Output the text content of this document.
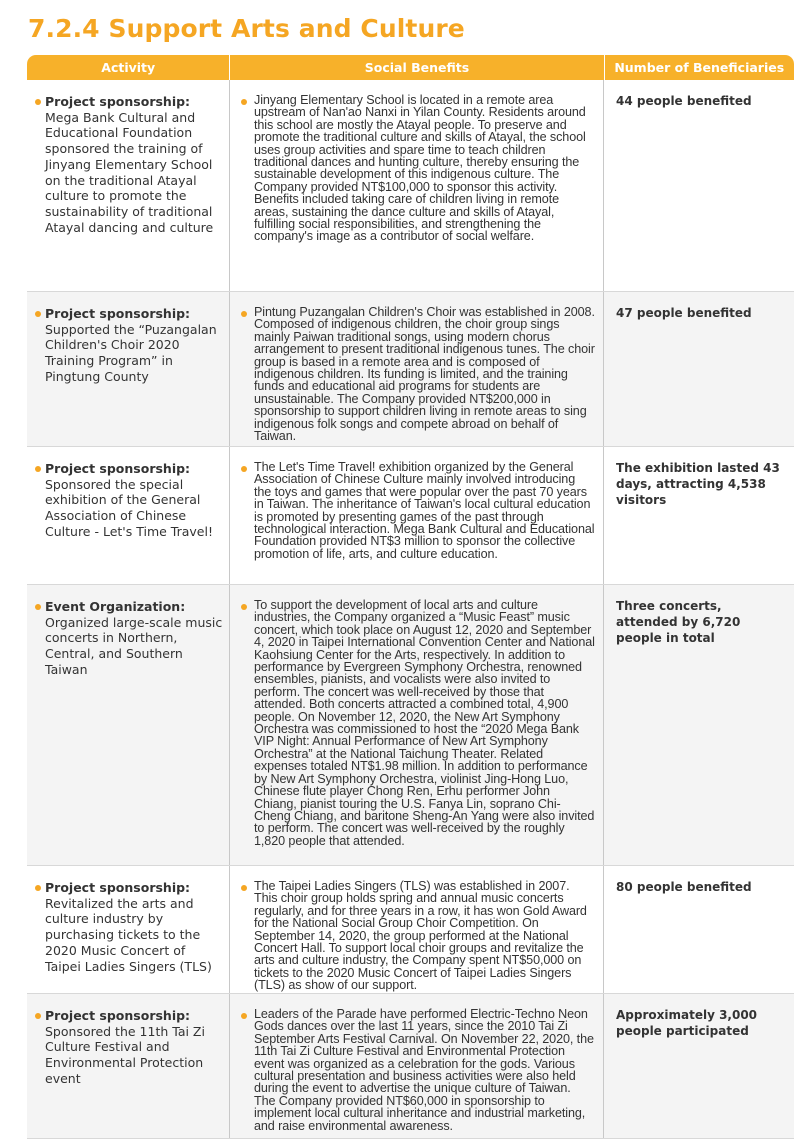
7.2.4 Support Arts and Culture
Activity	Social Benefits	Number of Beneficiaries
Project sponsorship:
Mega Bank Cultural and Educational Foundation sponsored the training of Jinyang Elementary School on the traditional Atayal culture to promote the sustainability of traditional Atayal dancing and culture
Jinyang Elementary School is located in a remote area upstream of Nan'ao Nanxi in Yilan County. Residents around this school are mostly the Atayal people. To preserve and promote the traditional culture and skills of Atayal, the school uses group activities and spare time to teach children traditional dances and hunting culture, thereby ensuring the sustainable development of this indigenous culture. The Company provided NT$100,000 to sponsor this activity. Benefits included taking care of children living in remote areas, sustaining the dance culture and skills of Atayal, fulfilling social responsibilities, and strengthening the company's image as a contributor of social welfare.
44 people benefited
Project sponsorship:
Supported the “Puzangalan Children's Choir 2020 Training Program” in Pingtung County
Pintung Puzangalan Children's Choir was established in 2008. Composed of indigenous children, the choir group sings mainly Paiwan traditional songs, using modern chorus arrangement to present traditional indigenous tunes. The choir group is based in a remote area and is composed of indigenous children. Its funding is limited, and the training funds and educational aid programs for students are unsustainable. The Company provided NT$200,000 in sponsorship to support children living in remote areas to sing indigenous folk songs and compete abroad on behalf of Taiwan.
47 people benefited
Project sponsorship:
Sponsored the special exhibition of the General Association of Chinese Culture - Let's Time Travel!
The Let's Time Travel! exhibition organized by the General Association of Chinese Culture mainly involved introducing the toys and games that were popular over the past 70 years in Taiwan. The inheritance of Taiwan's local cultural education is promoted by presenting games of the past through technological interaction. Mega Bank Cultural and Educational Foundation provided NT$3 million to sponsor the collective promotion of life, arts, and culture education.
The exhibition lasted 43 days, attracting 4,538 visitors
Event Organization:
Organized large-scale music concerts in Northern, Central, and Southern Taiwan
To support the development of local arts and culture industries, the Company organized a “Music Feast” music concert, which took place on August 12, 2020 and September 4, 2020 in Taipei International Convention Center and National Kaohsiung Center for the Arts, respectively. In addition to performance by Evergreen Symphony Orchestra, renowned ensembles, pianists, and vocalists were also invited to perform. The concert was well-received by those that attended. Both concerts attracted a combined total, 4,900 people. On November 12, 2020, the New Art Symphony Orchestra was commissioned to host the “2020 Mega Bank VIP Night: Annual Performance of New Art Symphony Orchestra” at the National Taichung Theater. Related expenses totaled NT$1.98 million. In addition to performance by New Art Symphony Orchestra, violinist Jing-Hong Luo, Chinese flute player Chong Ren, Erhu performer John Chiang, pianist touring the U.S. Fanya Lin, soprano Chi-Cheng Chiang, and baritone Sheng-An Yang were also invited to perform. The concert was well-received by the roughly 1,820 people that attended.
Three concerts, attended by 6,720 people in total
Project sponsorship:
Revitalized the arts and culture industry by purchasing tickets to the 2020 Music Concert of Taipei Ladies Singers (TLS)
The Taipei Ladies Singers (TLS) was established in 2007. This choir group holds spring and annual music concerts regularly, and for three years in a row, it has won Gold Award for the National Social Group Choir Competition. On September 14, 2020, the group performed at the National Concert Hall. To support local choir groups and revitalize the arts and culture industry, the Company spent NT$50,000 on tickets to the 2020 Music Concert of Taipei Ladies Singers (TLS) as show of our support.
80 people benefited
Project sponsorship:
Sponsored the 11th Tai Zi Culture Festival and Environmental Protection event
Leaders of the Parade have performed Electric-Techno Neon Gods dances over the last 11 years, since the 2010 Tai Zi September Arts Festival Carnival. On November 22, 2020, the 11th Tai Zi Culture Festival and Environmental Protection event was organized as a celebration for the gods. Various cultural presentation and business activities were also held during the event to advertise the unique culture of Taiwan. The Company provided NT$60,000 in sponsorship to implement local cultural inheritance and industrial marketing, and raise environmental awareness.
Approximately 3,000 people participated
